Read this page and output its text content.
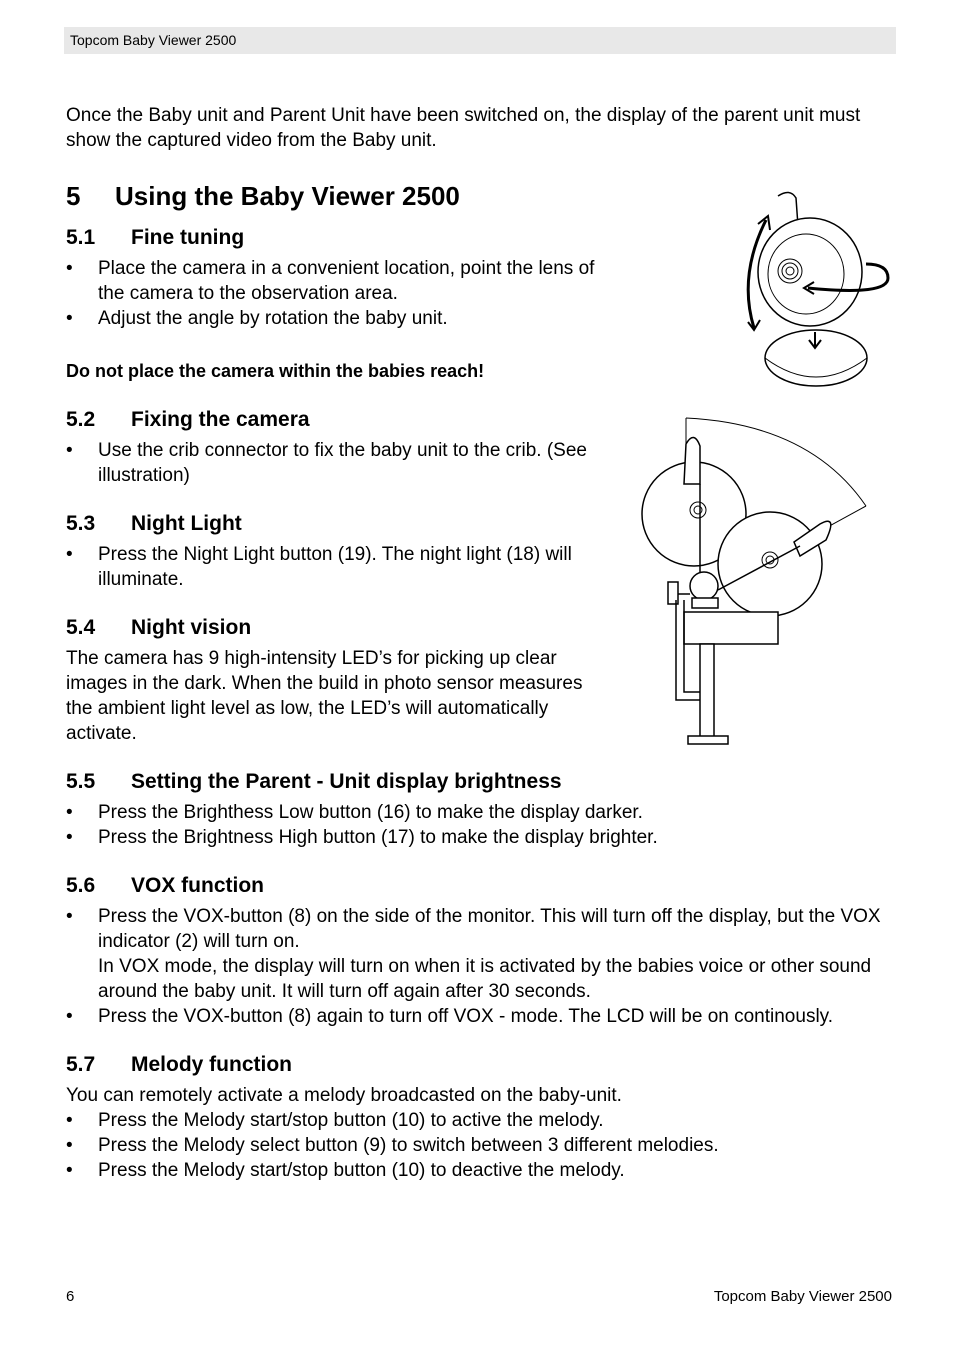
Topcom Baby Viewer 2500

Once the Baby unit and Parent Unit have been switched on, the display of the parent unit must show the captured video from the Baby unit.

5 Using the Baby Viewer 2500
5.1 Fine tuning
• Place the camera in a convenient location, point the lens of the camera to the observation area.
• Adjust the angle by rotation the baby unit.

Do not place the camera within the babies reach!

5.2 Fixing the camera
• Use the crib connector to fix the baby unit to the crib. (See illustration)
5.3 Night Light
• Press the Night Light button (19). The night light (18) will illuminate.
5.4 Night vision

The camera has 9 high-intensity LED’s for picking up clear images in the dark. When the build in photo sensor measures the ambient light level as low, the LED’s will automatically activate.

5.5 Setting the Parent - Unit display brightness
• Press the Brighthess Low button (16) to make the display darker.
• Press the Brightness High button (17) to make the display brighter.
5.6 VOX function
• Press the VOX-button (8) on the side of the monitor. This will turn off the display, but the VOX indicator (2) will turn on.
In VOX mode, the display will turn on when it is activated by the babies voice or other sound around the baby unit. It will turn off again after 30 seconds.
• Press the VOX-button (8) again to turn off VOX - mode. The LCD will be on continously.
5.7 Melody function

You can remotely activate a melody broadcasted on the baby-unit.

• Press the Melody start/stop button (10) to active the melody.
• Press the Melody select button (9) to switch between 3 different melodies.
• Press the Melody start/stop button (10) to deactive the melody.
6	Topcom Baby Viewer 2500
